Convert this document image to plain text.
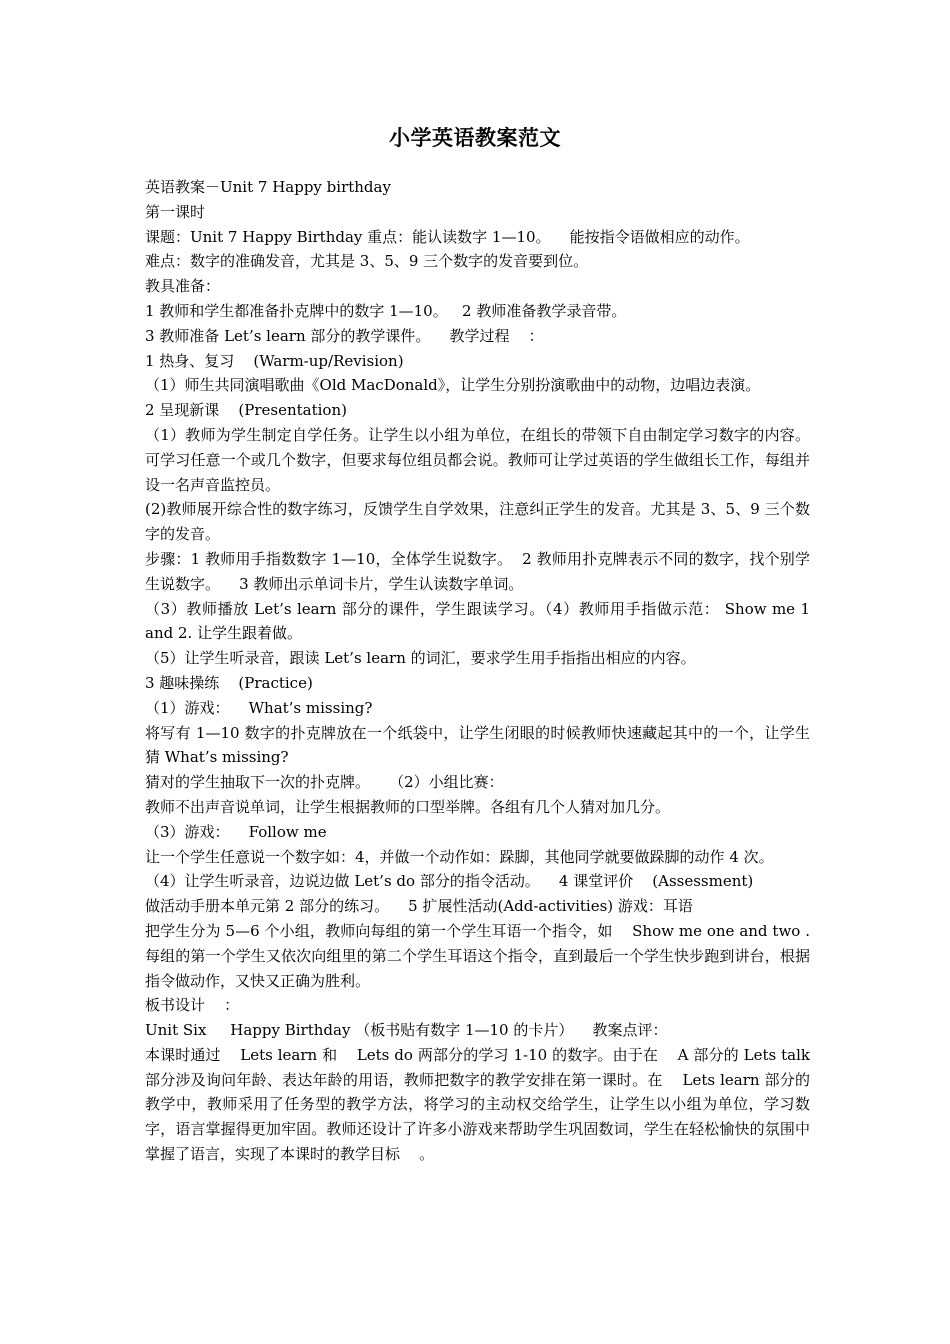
小学英语教案范文

英语教案－Unit 7 Happy birthday

第一课时

课题：Unit 7 Happy Birthday 重点：能认读数字 1—10。    能按指令语做相应的动作。

难点：数字的准确发音，尤其是 3、5、9 三个数字的发音要到位。

教具准备：

1 教师和学生都准备扑克牌中的数字 1—10。   2 教师准备教学录音带。

3 教师准备 Let’s learn 部分的教学课件。    教学过程    ：

1 热身、复习    (Warm-up/Revision)

（1）师生共同演唱歌曲《Old MacDonald》，让学生分别扮演歌曲中的动物，边唱边表演。

2 呈现新课    (Presentation)

（1）教师为学生制定自学任务。让学生以小组为单位，在组长的带领下自由制定学习数字的内容。可学习任意一个或几个数字，但要求每位组员都会说。教师可让学过英语的学生做组长工作，每组并设一名声音监控员。

(2)教师展开综合性的数字练习，反馈学生自学效果，注意纠正学生的发音。尤其是 3、5、9 三个数字的发音。

步骤：1 教师用手指数数字 1—10，全体学生说数字。  2 教师用扑克牌表示不同的数字，找个别学生说数字。    3 教师出示单词卡片，学生认读数字单词。

（3）教师播放 Let’s learn 部分的课件，学生跟读学习。（4）教师用手指做示范： Show me 1 and 2. 让学生跟着做。

（5）让学生听录音，跟读 Let’s learn 的词汇，要求学生用手指指出相应的内容。

3 趣味操练    (Practice)

（1）游戏：    What’s missing?

将写有 1—10 数字的扑克牌放在一个纸袋中，让学生闭眼的时候教师快速藏起其中的一个，让学生猜 What’s missing?

猜对的学生抽取下一次的扑克牌。    （2）小组比赛：

教师不出声音说单词，让学生根据教师的口型举牌。各组有几个人猜对加几分。

（3）游戏：    Follow me

让一个学生任意说一个数字如：4，并做一个动作如：跺脚，其他同学就要做跺脚的动作 4 次。

（4）让学生听录音，边说边做 Let’s do 部分的指令活动。    4 课堂评价    (Assessment)

做活动手册本单元第 2 部分的练习。    5 扩展性活动(Add-activities) 游戏：耳语

把学生分为 5—6 个小组，教师向每组的第一个学生耳语一个指令，如    Show me one and two .每组的第一个学生又依次向组里的第二个学生耳语这个指令，直到最后一个学生快步跑到讲台，根据指令做动作，又快又正确为胜利。

板书设计    ：

Unit Six     Happy Birthday （板书贴有数字 1—10 的卡片）    教案点评：

本课时通过    Lets learn 和    Lets do 两部分的学习 1-10 的数字。由于在    A 部分的 Lets talk 部分涉及询问年龄、表达年龄的用语，教师把数字的教学安排在第一课时。在    Lets learn 部分的教学中，教师采用了任务型的教学方法，将学习的主动权交给学生，让学生以小组为单位，学习数字，语言掌握得更加牢固。教师还设计了许多小游戏来帮助学生巩固数词，学生在轻松愉快的氛围中掌握了语言，实现了本课时的教学目标    。
